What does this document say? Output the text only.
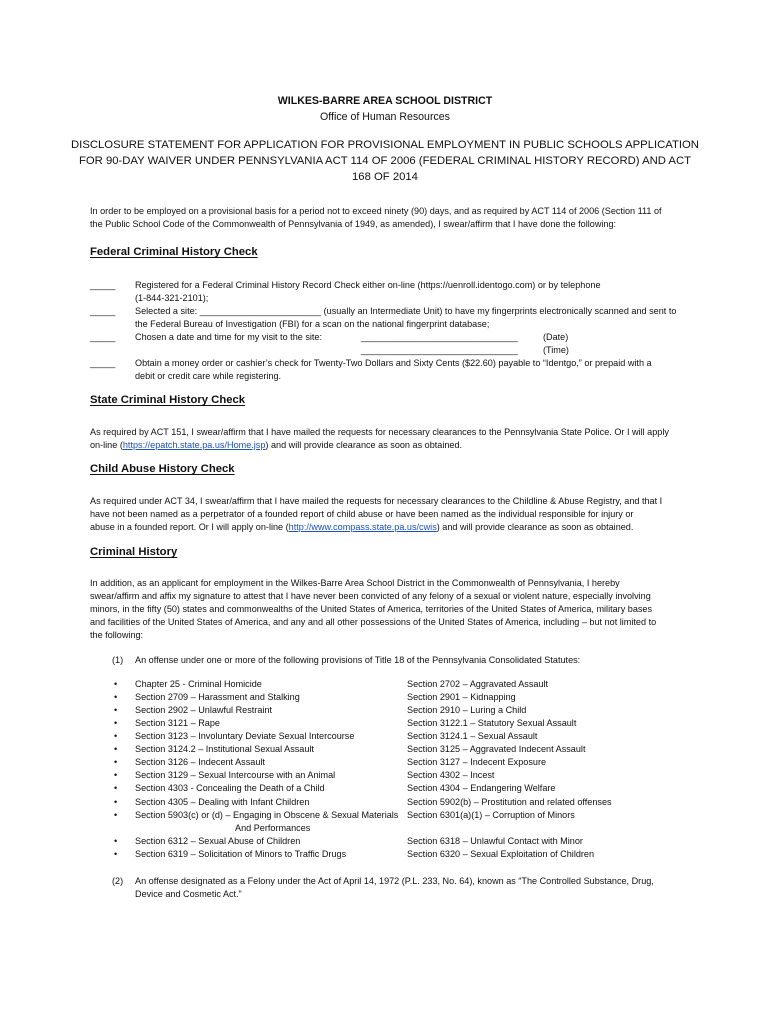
WILKES-BARRE AREA SCHOOL DISTRICT
Office of Human Resources
DISCLOSURE STATEMENT FOR APPLICATION FOR PROVISIONAL EMPLOYMENT IN PUBLIC SCHOOLS APPLICATION
FOR 90-DAY WAIVER UNDER PENNSYLVANIA ACT 114 OF 2006 (FEDERAL CRIMINAL HISTORY RECORD) AND ACT
168 OF 2014
In order to be employed on a provisional basis for a period not to exceed ninety (90) days, and as required by ACT 114 of 2006 (Section 111 of
the Public School Code of the Commonwealth of Pennsylvania of 1949, as amended), I swear/affirm that I have done the following:
Federal Criminal History Check
_____ Registered for a Federal Criminal History Record Check either on-line (https://uenroll.identogo.com) or by telephone
(1-844-321-2101);
_____ Selected a site: ________________________ (usually an Intermediate Unit) to have my fingerprints electronically scanned and sent to
the Federal Bureau of Investigation (FBI) for a scan on the national fingerprint database;
_____ Chosen a date and time for my visit to the site:	_______________________________	(Date)
_______________________________	(Time)
_____ Obtain a money order or cashier’s check for Twenty-Two Dollars and Sixty Cents ($22.60) payable to “Identgo,” or prepaid with a
debit or credit care while registering.
State Criminal History Check
As required by ACT 151, I swear/affirm that I have mailed the requests for necessary clearances to the Pennsylvania State Police. Or I will apply
on-line (https://epatch.state.pa.us/Home.jsp) and will provide clearance as soon as obtained.
Child Abuse History Check
As required under ACT 34, I swear/affirm that I have mailed the requests for necessary clearances to the Childline & Abuse Registry, and that I
have not been named as a perpetrator of a founded report of child abuse or have been named as the individual responsible for injury or
abuse in a founded report. Or I will apply on-line (http://www.compass.state.pa.us/cwis) and will provide clearance as soon as obtained.
Criminal History
In addition, as an applicant for employment in the Wilkes-Barre Area School District in the Commonwealth of Pennsylvania, I hereby
swear/affirm and affix my signature to attest that I have never been convicted of any felony of a sexual or violent nature, especially involving
minors, in the fifty (50) states and commonwealths of the United States of America, territories of the United States of America, military bases
and facilities of the United States of America, and any and all other possessions of the United States of America, including – but not limited to
the following:
(1) An offense under one or more of the following provisions of Title 18 of the Pennsylvania Consolidated Statutes:
• Chapter 25 - Criminal Homicide	Section 2702 – Aggravated Assault
• Section 2709 – Harassment and Stalking	Section 2901 – Kidnapping
• Section 2902 – Unlawful Restraint	Section 2910 – Luring a Child
• Section 3121 – Rape	Section 3122.1 – Statutory Sexual Assault
• Section 3123 – Involuntary Deviate Sexual Intercourse	Section 3124.1 – Sexual Assault
• Section 3124.2 – Institutional Sexual Assault	Section 3125 – Aggravated Indecent Assault
• Section 3126 – Indecent Assault	Section 3127 – Indecent Exposure
• Section 3129 – Sexual Intercourse with an Animal	Section 4302 – Incest
• Section 4303 - Concealing the Death of a Child	Section 4304 – Endangering Welfare
• Section 4305 – Dealing with Infant Children	Section 5902(b) – Prostitution and related offenses
• Section 5903(c) or (d) – Engaging in Obscene & Sexual Materials Section 6301(a)(1) – Corruption of Minors
• Section 6312 – Sexual Abuse of Children	Section 6318 – Unlawful Contact with Minor
• Section 6319 – Solicitation of Minors to Traffic Drugs	Section 6320 – Sexual Exploitation of Children
And Performances
(2) An offense designated as a Felony under the Act of April 14, 1972 (P.L. 233, No. 64), known as “The Controlled Substance, Drug,
Device and Cosmetic Act.”
